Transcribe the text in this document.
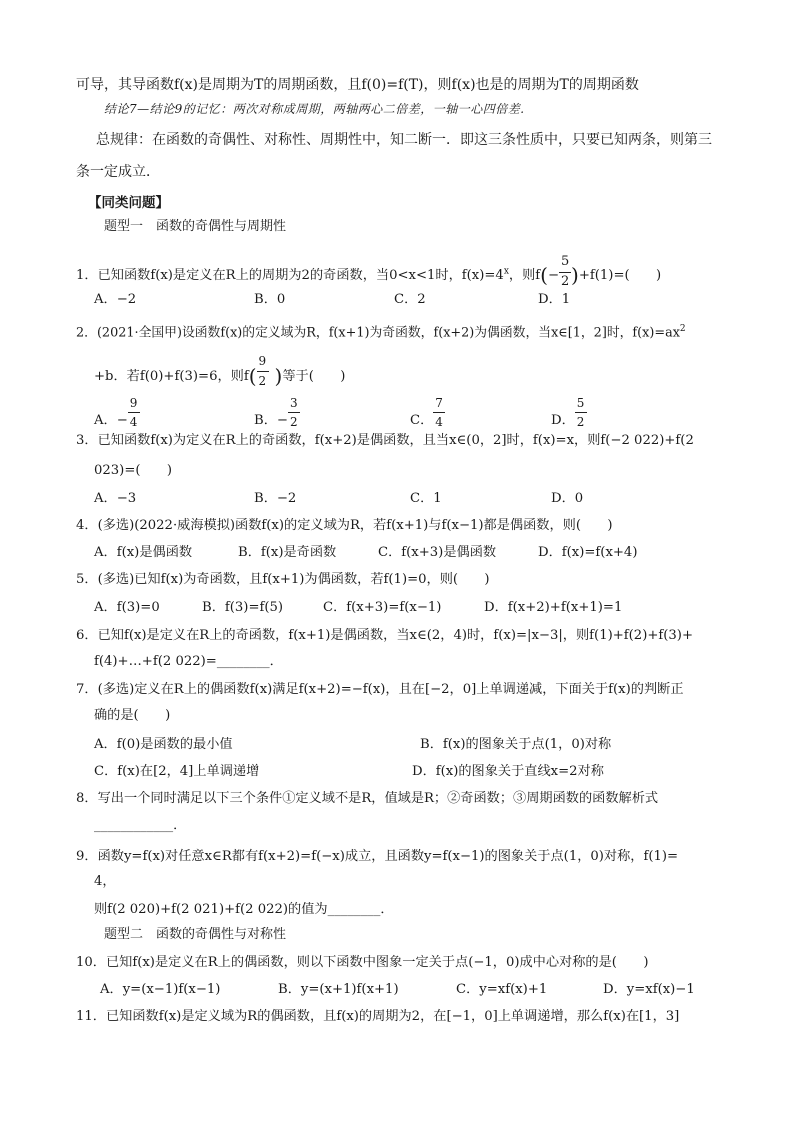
可导，其导函数f(x)是周期为T的周期函数，且f(0)=f(T)，则f(x)也是的周期为T的周期函数
结论7—结论9的记忆：两次对称成周期，两轴两心二倍差，一轴一心四倍差.
总规律：在函数的奇偶性、对称性、周期性中，知二断一．即这三条性质中，只要已知两条，则第三
条一定成立．
【同类问题】
题型一　函数的奇偶性与周期性
1．已知函数f(x)是定义在R上的周期为2的奇函数，当0<x<1时，$f(x)=4^x$，则$f(- \frac{5}{2} )+f(1)=$(　　)
A．−2	B．0	C．2	D．1
2．(2021·全国甲)设函数f(x)的定义域为R，f(x+1)为奇函数，f(x+2)为偶函数，当x∈[1，2]时，$f(x)=ax^2$
+b．若f(0)+f(3)=6，则$f( \frac{9}{2}$ )等于(　　)
A．− $\frac{9}{4}$	B．− $\frac{3}{2}$	C． $\frac{7}{4}$	D． $\frac{5}{2}$
3．已知函数f(x)为定义在R上的奇函数，f(x+2)是偶函数，且当x∈(0，2]时，f(x)=x，则f(−2 022)+f(2
023)=(　　)
A．−3	B．−2	C．1	D．0
4．(多选)(2022·威海模拟)函数f(x)的定义域为R，若f(x+1)与f(x−1)都是偶函数，则(　　)
A．f(x)是偶函数	B．f(x)是奇函数	C．f(x+3)是偶函数	D．f(x)=f(x+4)
5．(多选)已知f(x)为奇函数，且f(x+1)为偶函数，若f(1)=0，则(　　)
A．f(3)=0	B．f(3)=f(5)	C．f(x+3)=f(x−1)	D．f(x+2)+f(x+1)=1
6．已知f(x)是定义在R上的奇函数，f(x+1)是偶函数，当x∈(2，4)时，f(x)=|x−3|，则f(1)+f(2)+f(3)+
f(4)+…+f(2 022)=________．
7．(多选)定义在R上的偶函数f(x)满足f(x+2)=−f(x)，且在[−2，0]上单调递减，下面关于f(x)的判断正
确的是(　　)
A．f(0)是函数的最小值	B．f(x)的图象关于点(1，0)对称
C．f(x)在[2，4]上单调递增	D．f(x)的图象关于直线x=2对称
8．写出一个同时满足以下三个条件①定义域不是R，值域是R；②奇函数；③周期函数的函数解析式
____________．
9．函数y=f(x)对任意x∈R都有f(x+2)=f(−x)成立，且函数y=f(x−1)的图象关于点(1，0)对称，f(1)=
4，
则f(2 020)+f(2 021)+f(2 022)的值为________．
题型二　函数的奇偶性与对称性
10．已知f(x)是定义在R上的偶函数，则以下函数中图象一定关于点(−1，0)成中心对称的是(　　)
A．y=(x−1)f(x−1)	B．y=(x+1)f(x+1)	C．y=xf(x)+1	D．y=xf(x)−1
11．已知函数f(x)是定义域为R的偶函数，且f(x)的周期为2，在[−1，0]上单调递增，那么f(x)在[1，3]
